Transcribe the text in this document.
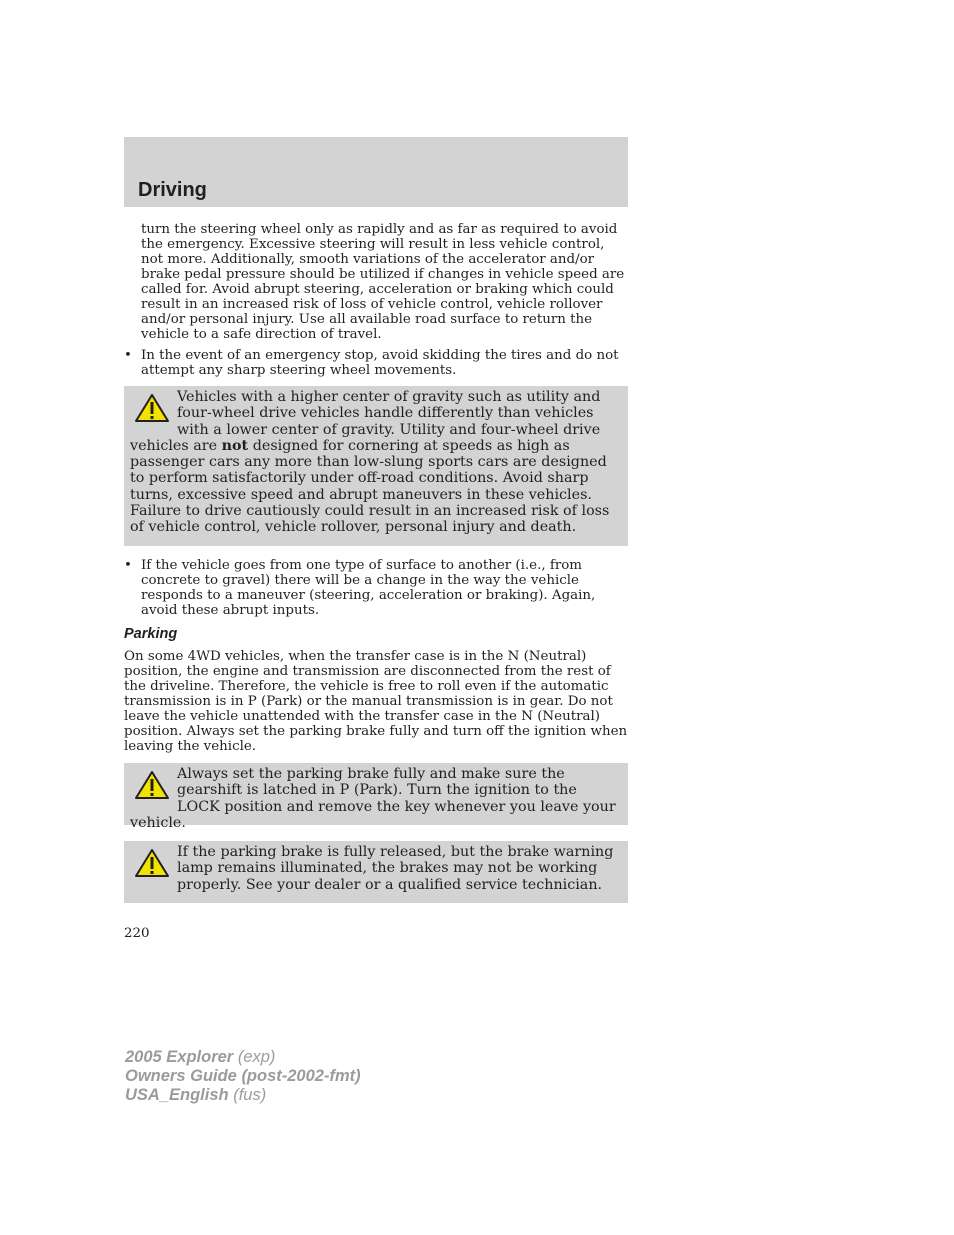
Driving

turn the steering wheel only as rapidly and as far as required to avoid the emergency. Excessive steering will result in less vehicle control, not more. Additionally, smooth variations of the accelerator and/or brake pedal pressure should be utilized if changes in vehicle speed are called for. Avoid abrupt steering, acceleration or braking which could result in an increased risk of loss of vehicle control, vehicle rollover and/or personal injury. Use all available road surface to return the vehicle to a safe direction of travel.

• In the event of an emergency stop, avoid skidding the tires and do not attempt any sharp steering wheel movements.

Vehicles with a higher center of gravity such as utility and four-wheel drive vehicles handle differently than vehicles with a lower center of gravity. Utility and four-wheel drive vehicles are not designed for cornering at speeds as high as passenger cars any more than low-slung sports cars are designed to perform satisfactorily under off-road conditions. Avoid sharp turns, excessive speed and abrupt maneuvers in these vehicles. Failure to drive cautiously could result in an increased risk of loss of vehicle control, vehicle rollover, personal injury and death.

• If the vehicle goes from one type of surface to another (i.e., from concrete to gravel) there will be a change in the way the vehicle responds to a maneuver (steering, acceleration or braking). Again, avoid these abrupt inputs.

Parking

On some 4WD vehicles, when the transfer case is in the N (Neutral) position, the engine and transmission are disconnected from the rest of the driveline. Therefore, the vehicle is free to roll even if the automatic transmission is in P (Park) or the manual transmission is in gear. Do not leave the vehicle unattended with the transfer case in the N (Neutral) position. Always set the parking brake fully and turn off the ignition when leaving the vehicle.

Always set the parking brake fully and make sure the gearshift is latched in P (Park). Turn the ignition to the LOCK position and remove the key whenever you leave your vehicle.

If the parking brake is fully released, but the brake warning lamp remains illuminated, the brakes may not be working properly. See your dealer or a qualified service technician.

220

2005 Explorer (exp)
Owners Guide (post-2002-fmt)
USA_English (fus)
